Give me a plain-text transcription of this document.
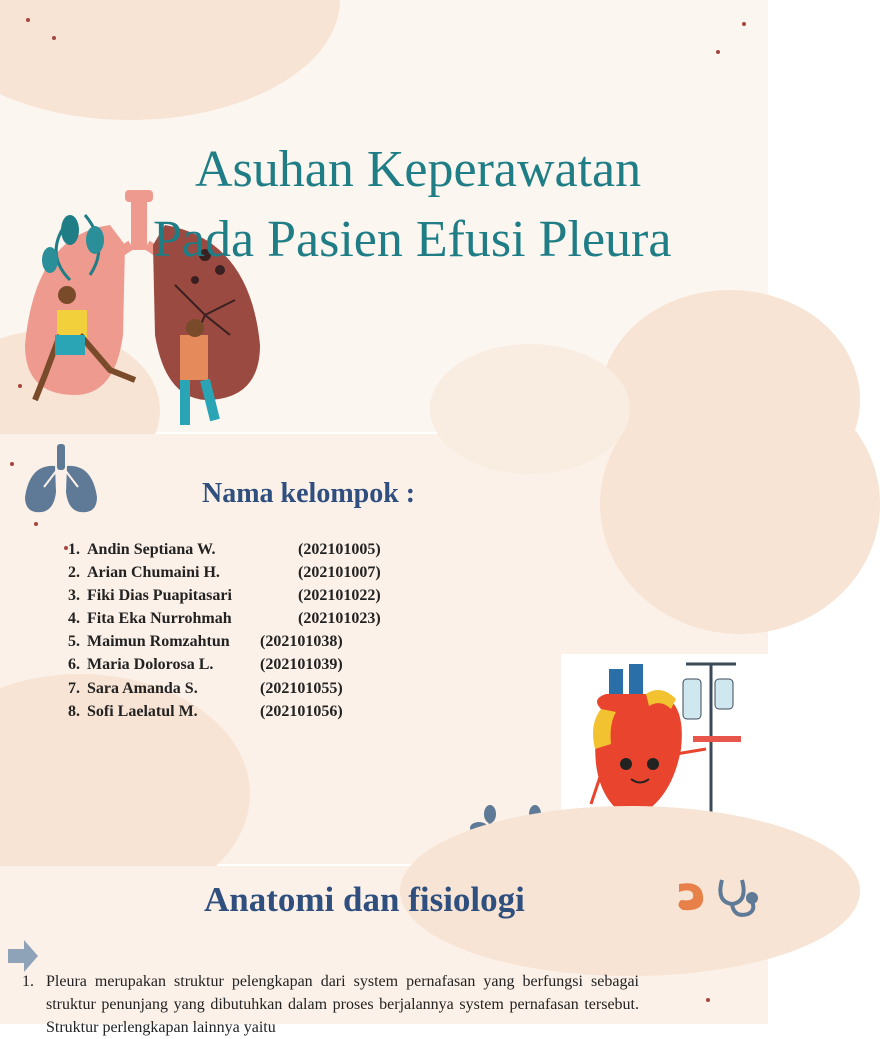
Asuhan Keperawatan
Pada Pasien Efusi Pleura
Nama kelompok :
1. Andin Septiana W.	(202101005)
2. Arian Chumaini H.	(202101007)
3. Fiki Dias Puapitasari	(202101022)
4. Fita Eka Nurrohmah	(202101023)
5. Maimun Romzahtun (202101038)
6. Maria Dolorosa L.	(202101039)
7. Sara Amanda S.	(202101055)
8. Sofi Laelatul M.	(202101056)
Anatomi dan fisiologi
1. Pleura merupakan struktur pelengkapan dari system pernafasan yang berfungsi sebagai struktur penunjang yang dibutuhkan dalam proses berjalannya system pernafasan tersebut. Struktur perlengkapan lainnya yaitu
